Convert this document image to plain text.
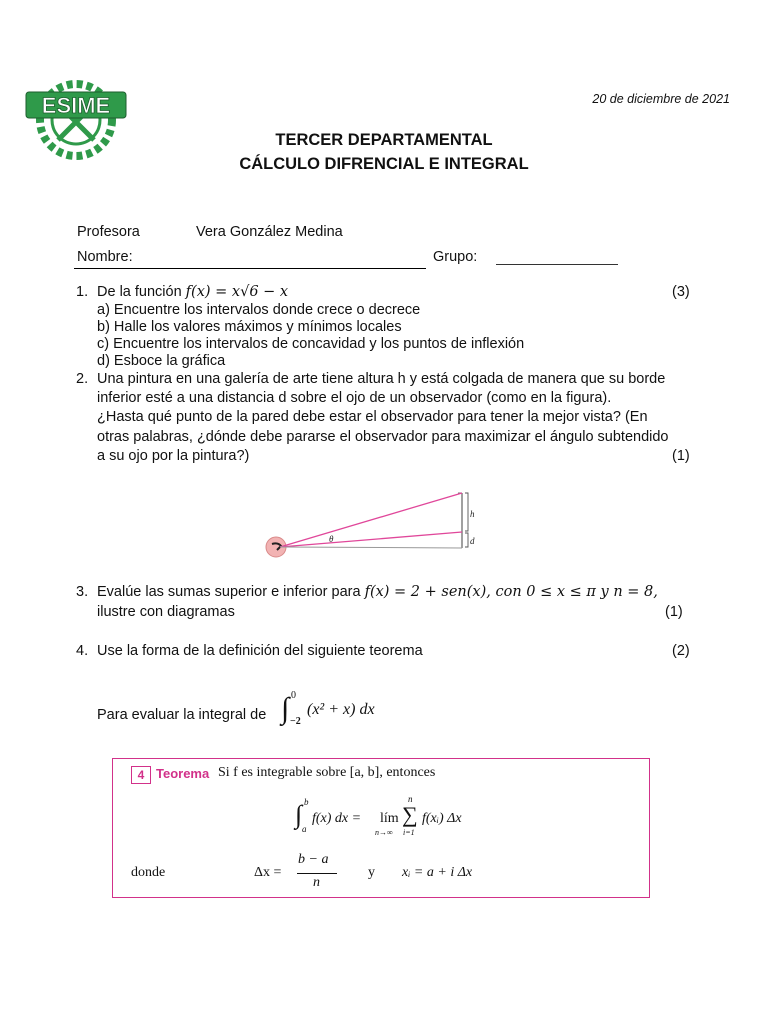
ESIME	20 de diciembre de 2021
TERCER DEPARTAMENTAL
CÁLCULO DIFRENCIAL E INTEGRAL
Profesora	Vera González Medina
Nombre:	Grupo:
1. De la función f(x) = x√6 − x	(3)
a) Encuentre los intervalos donde crece o decrece
b) Halle los valores máximos y mínimos locales
c) Encuentre los intervalos de concavidad y los puntos de inflexión
d) Esboce la gráfica
2. Una pintura en una galería de arte tiene altura h y está colgada de manera que su borde
inferior esté a una distancia d sobre el ojo de un observador (como en la figura).
¿Hasta qué punto de la pared debe estar el observador para tener la mejor vista? (En
otras palabras, ¿dónde debe pararse el observador para maximizar el ángulo subtendido
a su ojo por la pintura?)	(1)
h
d
θ
3. Evalúe las sumas superior e inferior para f(x) = 2 + sen(x), con 0 ≤ x ≤ π y n = 8,
ilustre con diagramas	(1)
4. Use la forma de la definición del siguiente teorema	(2)
Para evaluar la integral de ∫ 0
−2
(x² + x) dx
4 Teorema Si f es integrable sobre [a, b], entonces
∫ b
a
f(x) dx = lím
n→∞
n
∑
i=1
f(xᵢ) Δx
donde	Δx =
b − a
n
y xᵢ = a + i Δx
